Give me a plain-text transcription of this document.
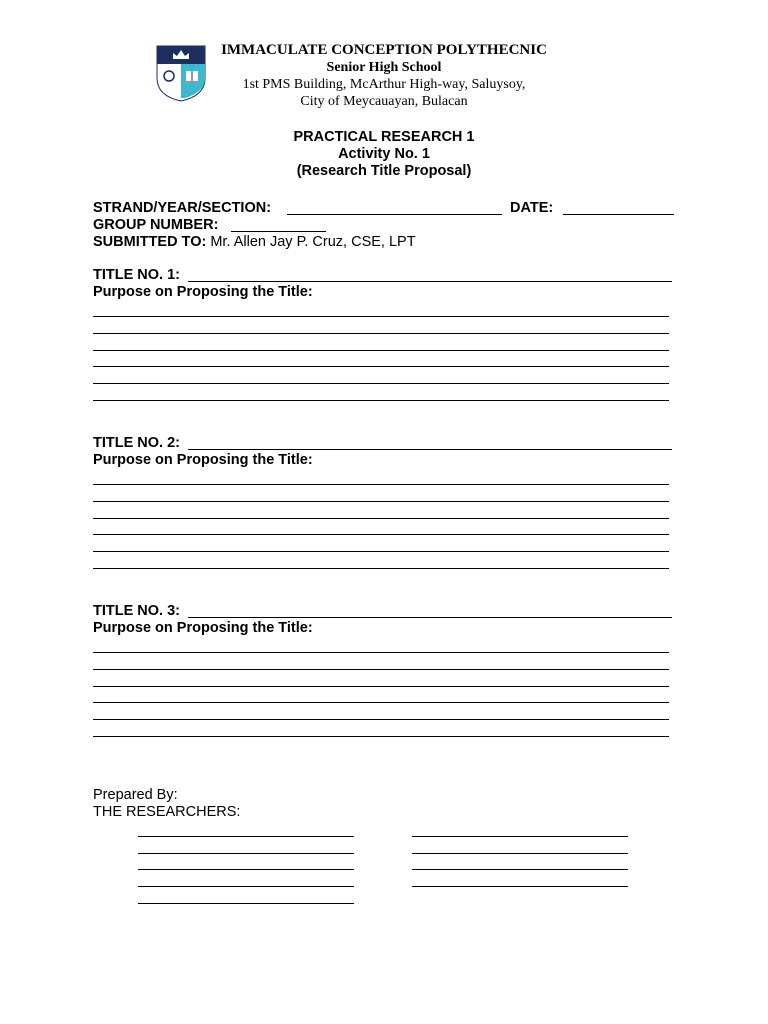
IMMACULATE CONCEPTION POLYTHECNIC
Senior High School
1st PMS Building, McArthur High-way, Saluysoy,
City of Meycauayan, Bulacan
PRACTICAL RESEARCH 1
Activity No. 1
(Research Title Proposal)
STRAND/YEAR/SECTION:	DATE:
GROUP NUMBER:
SUBMITTED TO: Mr. Allen Jay P. Cruz, CSE, LPT
TITLE NO. 1:
Purpose on Proposing the Title:
TITLE NO. 2:
Purpose on Proposing the Title:
TITLE NO. 3:
Purpose on Proposing the Title:
Prepared By:
THE RESEARCHERS:
